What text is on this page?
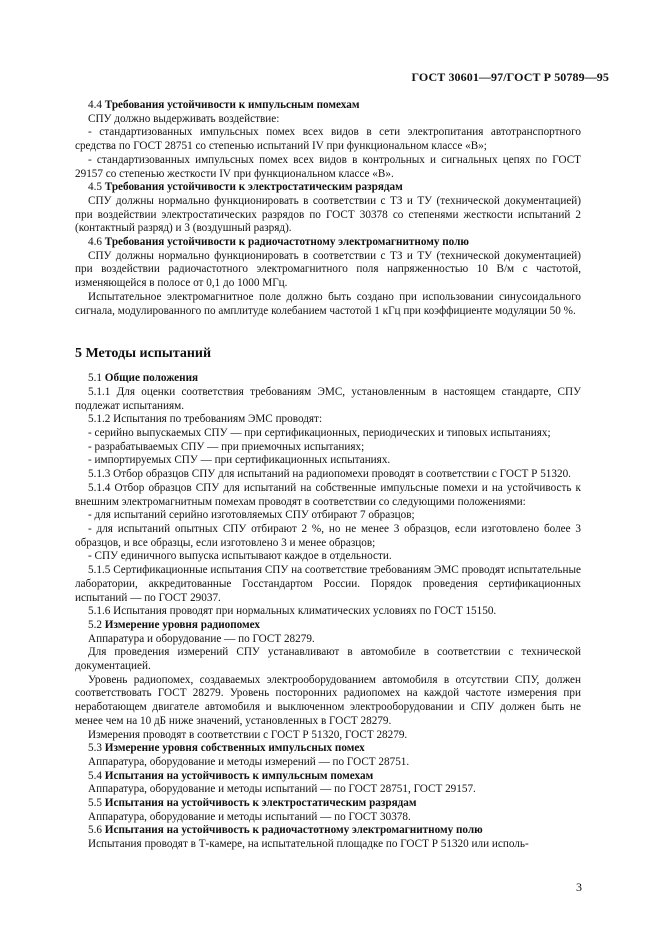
ГОСТ 30601—97/ГОСТ Р 50789—95

4.4 Требования устойчивости к импульсным помехам

СПУ должно выдерживать воздействие:

- стандартизованных импульсных помех всех видов в сети электропитания автотранспортного средства по ГОСТ 28751 со степенью испытаний IV при функциональном классе «В»;

- стандартизованных импульсных помех всех видов в контрольных и сигнальных цепях по ГОСТ 29157 со степенью жесткости IV при функциональном классе «В».

4.5 Требования устойчивости к электростатическим разрядам

СПУ должны нормально функционировать в соответствии с ТЗ и ТУ (технической документацией) при воздействии электростатических разрядов по ГОСТ 30378 со степенями жесткости испытаний 2 (контактный разряд) и 3 (воздушный разряд).

4.6 Требования устойчивости к радиочастотному электромагнитному полю

СПУ должны нормально функционировать в соответствии с ТЗ и ТУ (технической документацией) при воздействии радиочастотного электромагнитного поля напряженностью 10 В/м с частотой, изменяющейся в полосе от 0,1 до 1000 МГц.

Испытательное электромагнитное поле должно быть создано при использовании синусоидального сигнала, модулированного по амплитуде колебанием частотой 1 кГц при коэффициенте модуляции 50 %.

5 Методы испытаний

5.1 Общие положения

5.1.1 Для оценки соответствия требованиям ЭМС, установленным в настоящем стандарте, СПУ подлежат испытаниям.

5.1.2 Испытания по требованиям ЭМС проводят:

- серийно выпускаемых СПУ — при сертификационных, периодических и типовых испытаниях;

- разрабатываемых СПУ — при приемочных испытаниях;

- импортируемых СПУ — при сертификационных испытаниях.

5.1.3 Отбор образцов СПУ для испытаний на радиопомехи проводят в соответствии с ГОСТ Р 51320.

5.1.4 Отбор образцов СПУ для испытаний на собственные импульсные помехи и на устойчивость к внешним электромагнитным помехам проводят в соответствии со следующими положениями:

- для испытаний серийно изготовляемых СПУ отбирают 7 образцов;

- для испытаний опытных СПУ отбирают 2 %, но не менее 3 образцов, если изготовлено более 3 образцов, и все образцы, если изготовлено 3 и менее образцов;

- СПУ единичного выпуска испытывают каждое в отдельности.

5.1.5 Сертификационные испытания СПУ на соответствие требованиям ЭМС проводят испытательные лаборатории, аккредитованные Госстандартом России. Порядок проведения сертификационных испытаний — по ГОСТ 29037.

5.1.6 Испытания проводят при нормальных климатических условиях по ГОСТ 15150.

5.2 Измерение уровня радиопомех

Аппаратура и оборудование — по ГОСТ 28279.

Для проведения измерений СПУ устанавливают в автомобиле в соответствии с технической документацией.

Уровень радиопомех, создаваемых электрооборудованием автомобиля в отсутствии СПУ, должен соответствовать ГОСТ 28279. Уровень посторонних радиопомех на каждой частоте измерения при неработающем двигателе автомобиля и выключенном электрооборудовании и СПУ должен быть не менее чем на 10 дБ ниже значений, установленных в ГОСТ 28279.

Измерения проводят в соответствии с ГОСТ Р 51320, ГОСТ 28279.

5.3 Измерение уровня собственных импульсных помех

Аппаратура, оборудование и методы измерений — по ГОСТ 28751.

5.4 Испытания на устойчивость к импульсным помехам

Аппаратура, оборудование и методы испытаний — по ГОСТ 28751, ГОСТ 29157.

5.5 Испытания на устойчивость к электростатическим разрядам

Аппаратура, оборудование и методы испытаний — по ГОСТ 30378.

5.6 Испытания на устойчивость к радиочастотному электромагнитному полю

Испытания проводят в Т-камере, на испытательной площадке по ГОСТ Р 51320 или исполь-

3
